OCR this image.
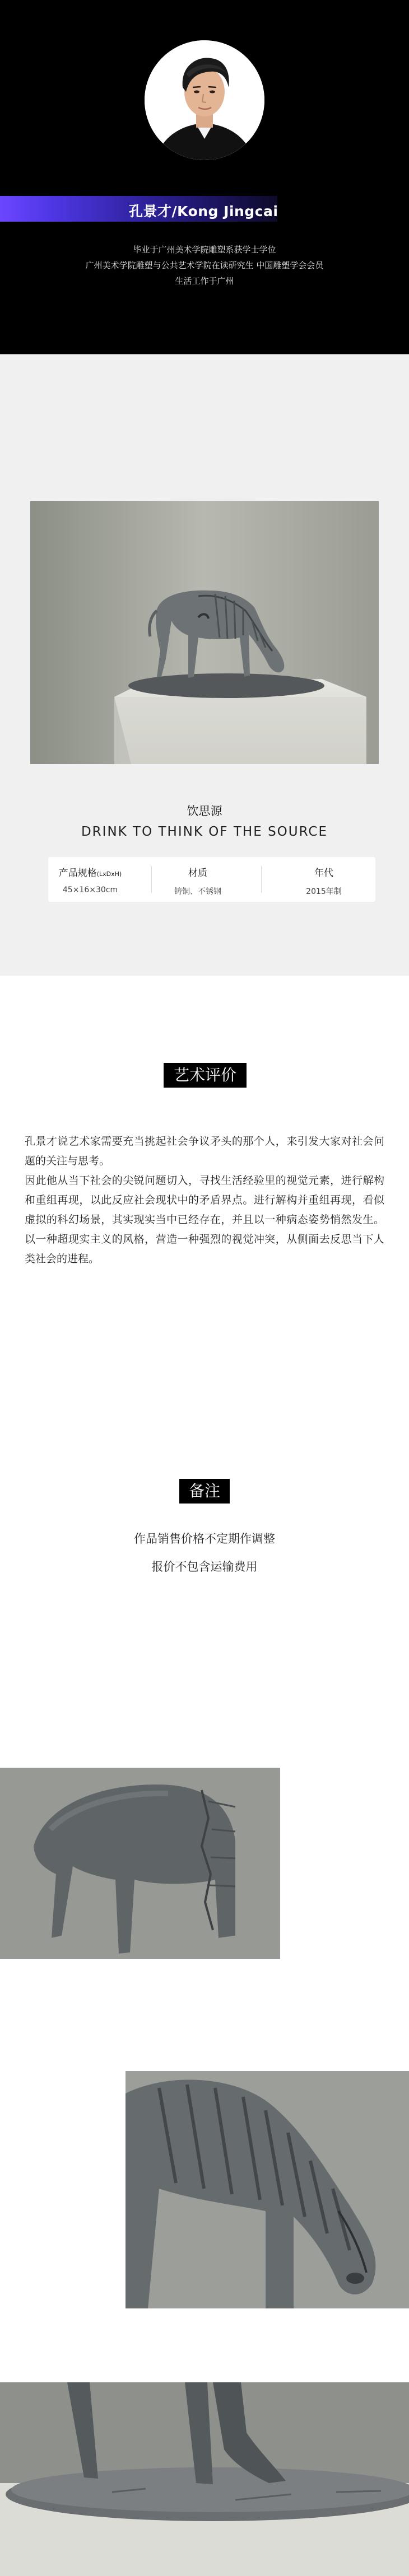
孔景才/Kong Jingcai
毕业于广州美术学院雕塑系获学士学位
广州美术学院雕塑与公共艺术学院在读研究生 中国雕塑学会会员
生活工作于广州
饮思源
DRINK TO THINK OF THE SOURCE
产品规格(LxDxH)
45×16×30cm
材质
铸铜、不锈钢
年代
2015年制
艺术评价

孔景才说艺术家需要充当挑起社会争议矛头的那个人，来引发大家对社会问题的关注与思考。

因此他从当下社会的尖锐问题切入，寻找生活经验里的视觉元素，进行解构和重组再现，以此反应社会现状中的矛盾界点。进行解构并重组再现，看似虚拟的科幻场景，其实现实当中已经存在，并且以一种病态姿势悄然发生。以一种超现实主义的风格，营造一种强烈的视觉冲突，从侧面去反思当下人类社会的进程。

备注
作品销售价格不定期作调整
报价不包含运输费用
